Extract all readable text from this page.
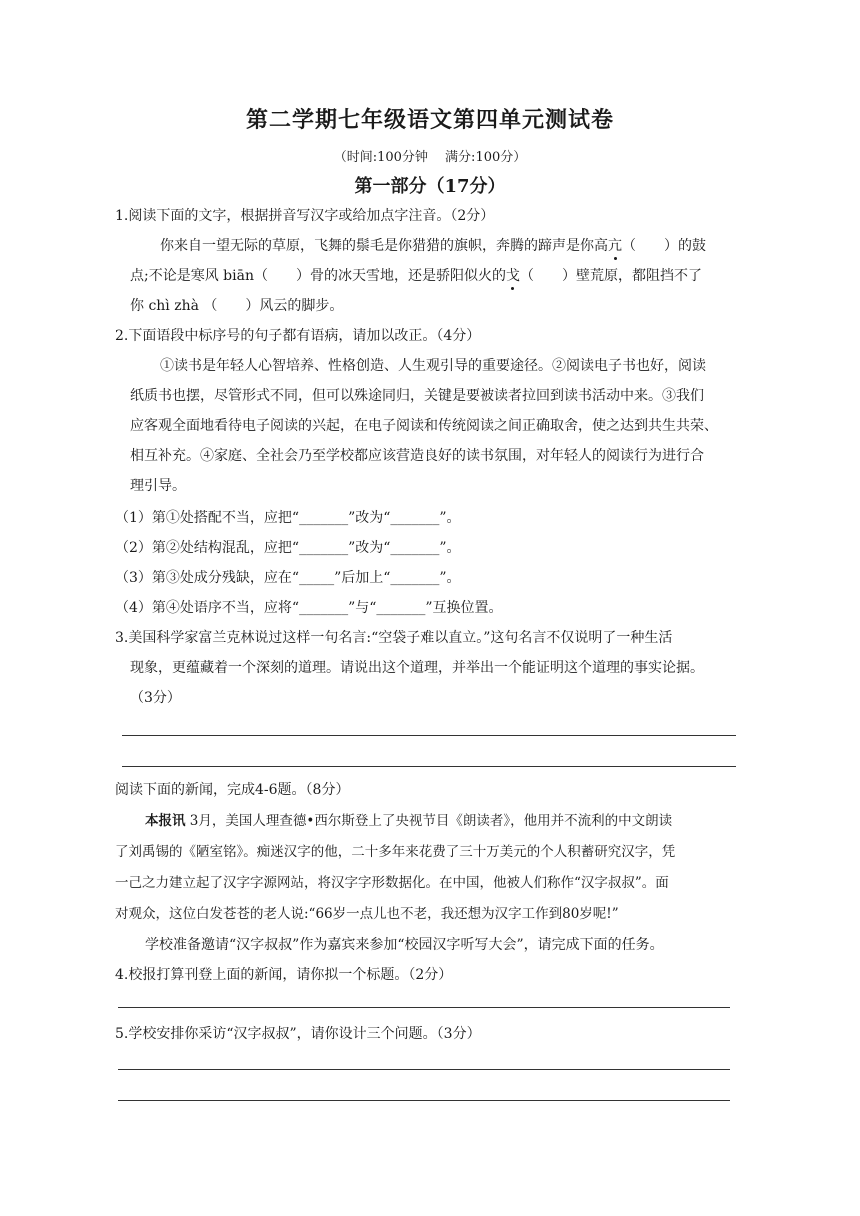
第二学期七年级语文第四单元测试卷
（时间:100分钟　 满分:100分）
第一部分（17分）
1.阅读下面的文字，根据拼音写汉字或给加点字注音。（2分）
你来自一望无际的草原，飞舞的鬃毛是你猎猎的旗帜，奔腾的蹄声是你高亢（　　）的鼓
点;不论是寒风 biān（　　）骨的冰天雪地，还是骄阳似火的戈（　　）壁荒原，都阻挡不了
你 chì zhà （　　）风云的脚步。
2.下面语段中标序号的句子都有语病，请加以改正。（4分）
①读书是年轻人心智培养、性格创造、人生观引导的重要途径。②阅读电子书也好，阅读
纸质书也摆，尽管形式不同，但可以殊途同归，关键是要被读者拉回到读书活动中来。③我们
应客观全面地看待电子阅读的兴起，在电子阅读和传统阅读之间正确取舍，使之达到共生共荣、
相互补充。④家庭、全社会乃至学校都应该营造良好的读书氛围，对年轻人的阅读行为进行合
理引导。
（1）第①处搭配不当，应把“_______”改为“_______”。
（2）第②处结构混乱，应把“_______”改为“_______”。
（3）第③处成分残缺，应在“_____”后加上“_______”。
（4）第④处语序不当，应将“_______”与“_______”互换位置。
3.美国科学家富兰克林说过这样一句名言:“空袋子难以直立。”这句名言不仅说明了一种生活
现象，更蕴藏着一个深刻的道理。请说出这个道理，并举出一个能证明这个道理的事实论据。
（3分）
阅读下面的新闻，完成4-6题。（8分）
本报讯 3月，美国人理查德•西尔斯登上了央视节目《朗读者》，他用并不流利的中文朗读
了刘禹锡的《陋室铭》。痴迷汉字的他，二十多年来花费了三十万美元的个人积蓄研究汉字，凭
一己之力建立起了汉字字源网站，将汉字字形数据化。在中国，他被人们称作“汉字叔叔”。面
对观众，这位白发苍苍的老人说:“66岁一点儿也不老，我还想为汉字工作到80岁呢!”
学校准备邀请“汉字叔叔”作为嘉宾来参加“校园汉字听写大会”，请完成下面的任务。
4.校报打算刊登上面的新闻，请你拟一个标题。（2分）
5.学校安排你采访“汉字叔叔”，请你设计三个问题。（3分）
